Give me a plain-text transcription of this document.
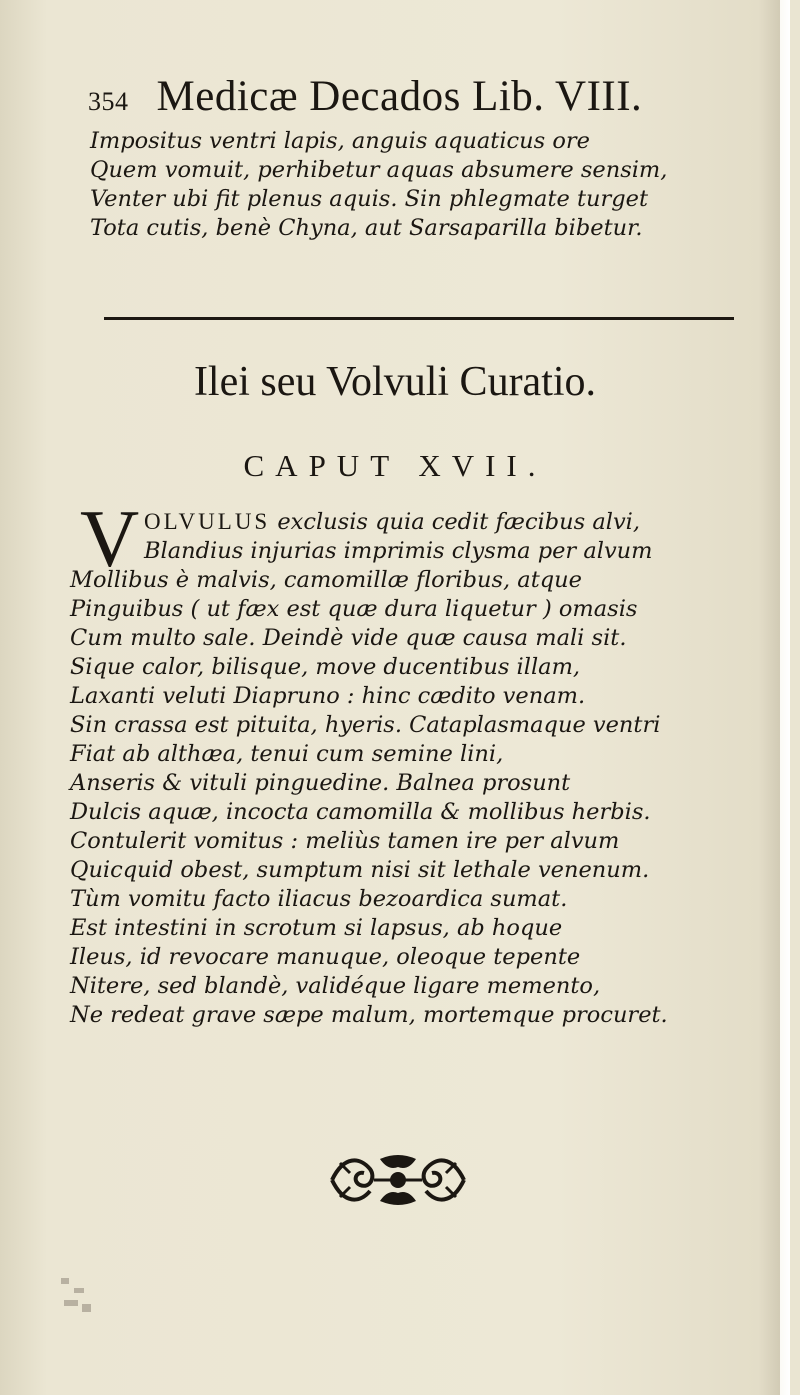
354 Medicæ Decados Lib. VIII.
Impositus ventri lapis, anguis aquaticus ore
Quem vomuit, perhibetur aquas absumere sensim,
Venter ubi fit plenus aquis. Sin phlegmate turget
Tota cutis, benè Chyna, aut Sarsaparilla bibetur.
Ilei seu Volvuli Curatio.
CAPUT XVII.
V OLVULUS exclusis quia cedit fæcibus alvi,
Blandius injurias imprimis clysma per alvum
Mollibus è malvis, camomillæ floribus, atque
Pinguibus ( ut fæx est quæ dura liquetur ) omasis
Cum multo sale. Deindè vide quæ causa mali sit.
Sique calor, bilisque, move ducentibus illam,
Laxanti veluti Diapruno : hinc cædito venam.
Sin crassa est pituita, hyeris. Cataplasmaque ventri
Fiat ab althæa, tenui cum semine lini,
Anseris & vituli pinguedine. Balnea prosunt
Dulcis aquæ, incocta camomilla & mollibus herbis.
Contulerit vomitus : meliùs tamen ire per alvum
Quicquid obest, sumptum nisi sit lethale venenum.
Tùm vomitu facto iliacus bezoardica sumat.
Est intestini in scrotum si lapsus, ab hoque
Ileus, id revocare manuque, oleoque tepente
Nitere, sed blandè, validéque ligare memento,
Ne redeat grave sæpe malum, mortemque procuret.
